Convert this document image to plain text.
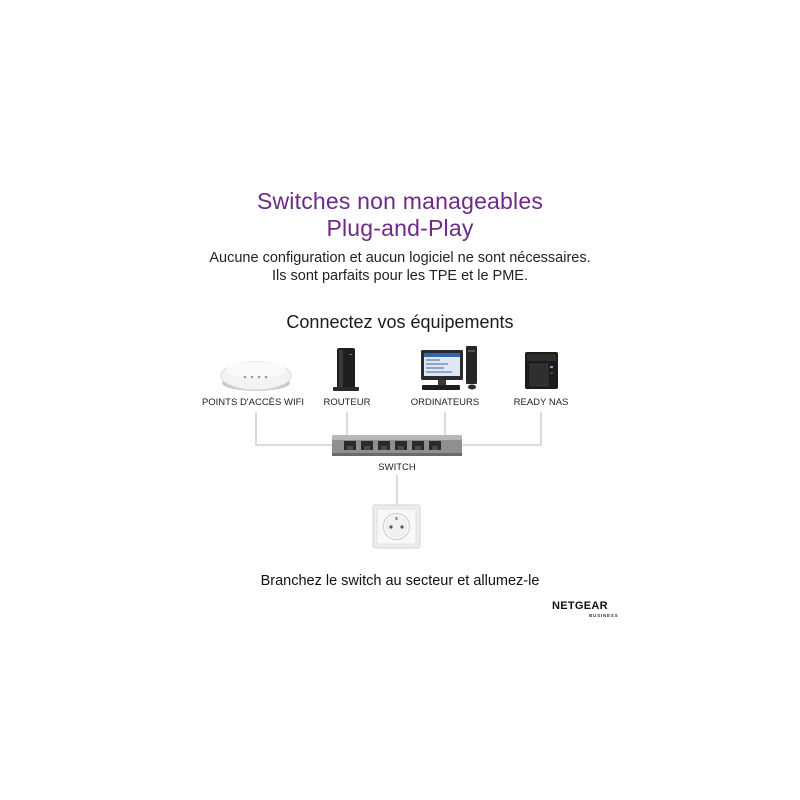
Switches non manageables
Plug-and-Play
Aucune configuration et aucun logiciel ne sont nécessaires.
Ils sont parfaits pour les TPE et le PME.
Connectez vos équipements
POINTS D'ACCÈS WIFI ROUTEUR	ORDINATEURS	READY NAS
SWITCH
Branchez le switch au secteur et allumez-le
NETGEAR
BUSINESS
